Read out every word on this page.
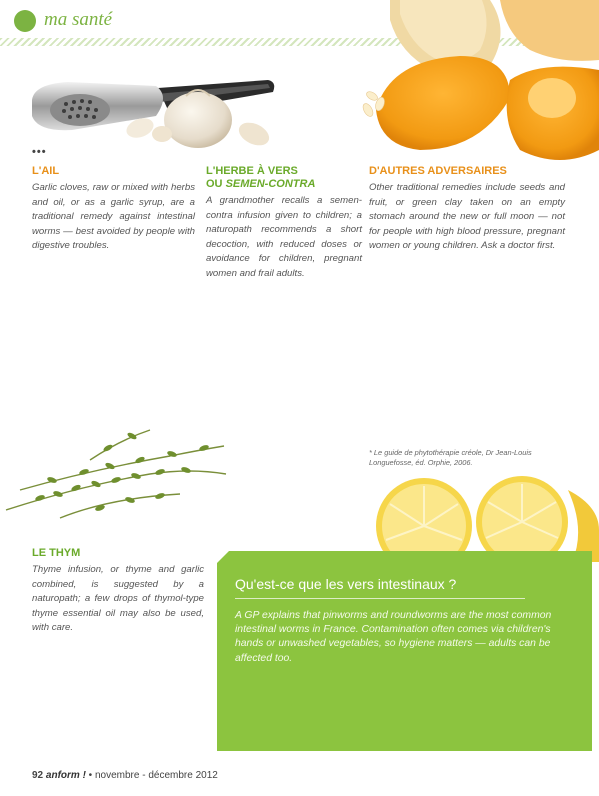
ma santé
•••
L'AIL

Garlic cloves, raw or mixed with herbs and oil, or as a garlic syrup, are a traditional remedy against intestinal worms — best avoided by people with digestive troubles.

L'HERBE À VERS
OU SEMEN-CONTRA

A grandmother recalls a semen-contra infusion given to children; a naturopath recommends a short decoction, with reduced doses or avoidance for children, pregnant women and frail adults.

D'AUTRES ADVERSAIRES

Other traditional remedies include seeds and fruit, or green clay taken on an empty stomach around the new or full moon — not for people with high blood pressure, pregnant women or young children. Ask a doctor first.

* Le guide de phytothérapie créole, Dr Jean-Louis Longuefosse, éd. Orphie, 2006.
LE THYM

Thyme infusion, or thyme and garlic combined, is suggested by a naturopath; a few drops of thymol-type thyme essential oil may also be used, with care.

Qu'est-ce que les vers intestinaux ?
A GP explains that pinworms and roundworms are the most common intestinal worms in France. Contamination often comes via children's hands or unwashed vegetables, so hygiene matters — adults can be affected too.
92 anform ! • novembre - décembre 2012
